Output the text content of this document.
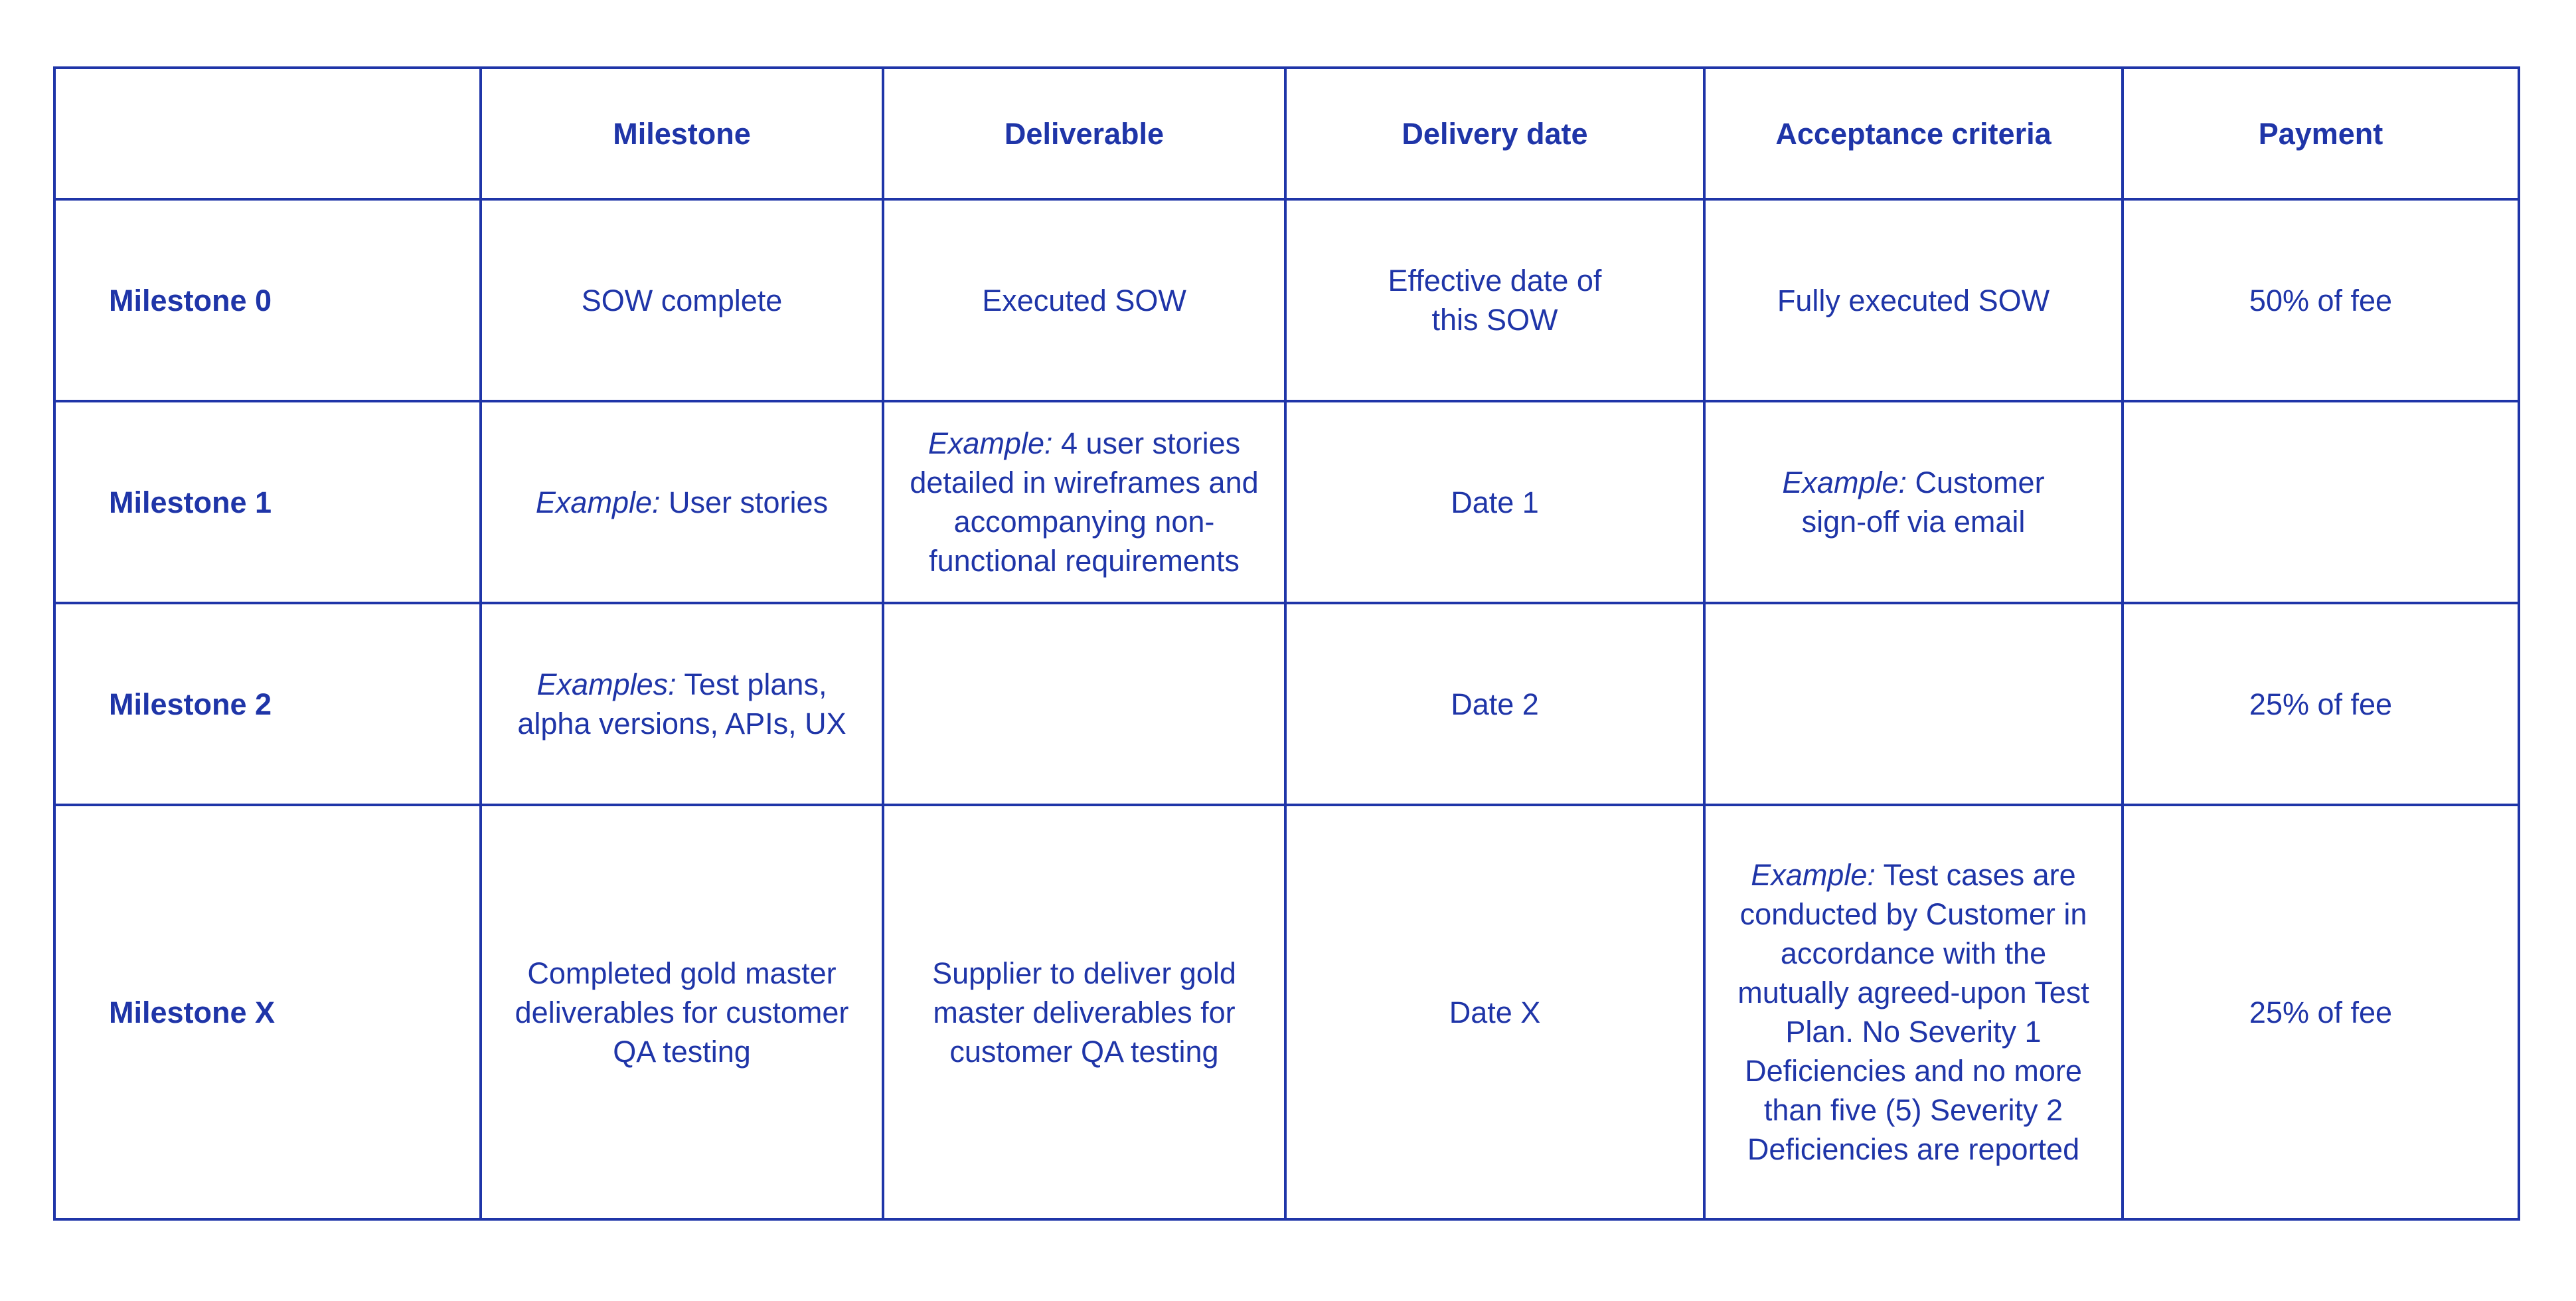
	Milestone	Deliverable	Delivery date	Acceptance criteria	Payment
Milestone 0	SOW complete	Executed SOW	Effective date of this SOW	Fully executed SOW	50% of fee
Milestone 1	Example: User stories	Example: 4 user stories detailed in wireframes and accompanying non-functional requirements	Date 1	Example: Customer sign-off via email	
Milestone 2	Examples: Test plans, alpha versions, APIs, UX		Date 2		25% of fee
Milestone X	Completed gold master deliverables for customer QA testing	Supplier to deliver gold master deliverables for customer QA testing	Date X	Example: Test cases are conducted by Customer in accordance with the mutually agreed-upon Test Plan. No Severity 1 Deficiencies and no more than five (5) Severity 2 Deficiencies are reported	25% of fee
